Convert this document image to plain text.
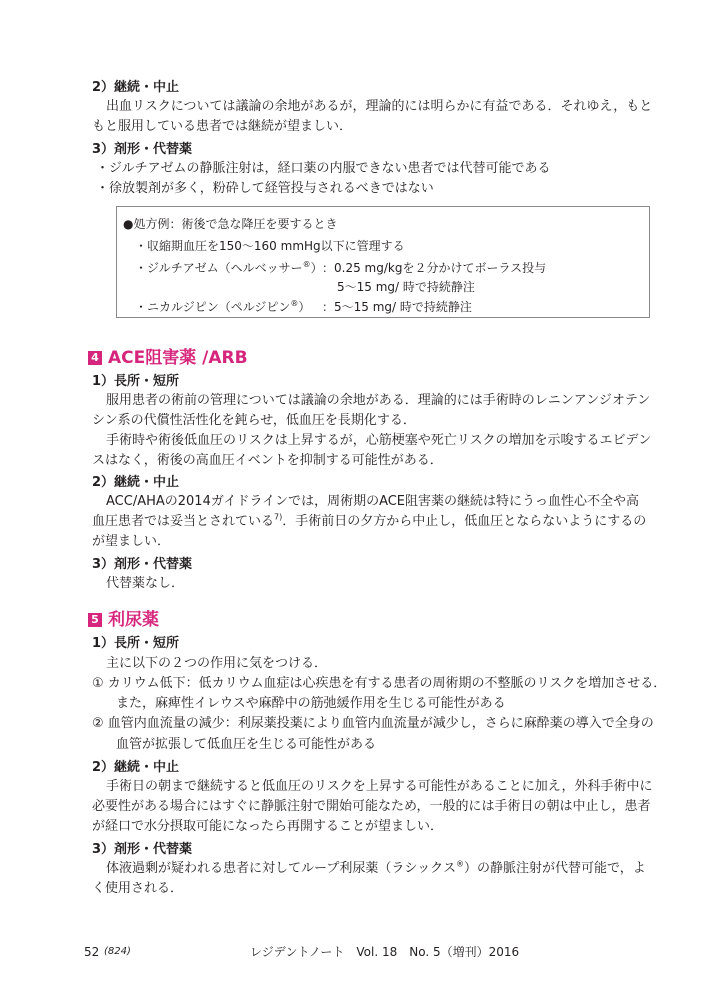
2）継続・中止
出血リスクについては議論の余地があるが，理論的には明らかに有益である．それゆえ，もと
もと服用している患者では継続が望ましい．
3）剤形・代替薬
・ジルチアゼムの静脈注射は，経口薬の内服できない患者では代替可能である
・徐放製剤が多く，粉砕して経管投与されるべきではない
●処方例：術後で急な降圧を要するとき
・収縮期血圧を150～160 mmHg以下に管理する
・ジルチアゼム（ヘルベッサー®） ：0.25 mg/kgを２分かけてボーラス投与
5～15 mg/ 時で持続静注
・ニカルジピン（ペルジピン®） ：5～15 mg/ 時で持続静注
4 ACE阻害薬 /ARB
1）長所・短所
服用患者の術前の管理については議論の余地がある．理論的には手術時のレニンアンジオテン
シン系の代償性活性化を鈍らせ，低血圧を長期化する．
手術時や術後低血圧のリスクは上昇するが，心筋梗塞や死亡リスクの増加を示唆するエビデン
スはなく，術後の高血圧イベントを抑制する可能性がある．
2）継続・中止
ACC/AHAの2014ガイドラインでは，周術期のACE阻害薬の継続は特にうっ血性心不全や高
血圧患者では妥当とされている$^{7)}$．手術前日の夕方から中止し，低血圧とならないようにするの
が望ましい．
3）剤形・代替薬
代替薬なし．
5 利尿薬
1）長所・短所
主に以下の２つの作用に気をつける．
① カリウム低下：低カリウム血症は心疾患を有する患者の周術期の不整脈のリスクを増加させる．
また，麻痺性イレウスや麻酔中の筋弛緩作用を生じる可能性がある
② 血管内血流量の減少：利尿薬投薬により血管内血流量が減少し，さらに麻酔薬の導入で全身の
血管が拡張して低血圧を生じる可能性がある
2）継続・中止
手術日の朝まで継続すると低血圧のリスクを上昇する可能性があることに加え，外科手術中に
必要性がある場合にはすぐに静脈注射で開始可能なため，一般的には手術日の朝は中止し，患者
が経口で水分摂取可能になったら再開することが望ましい．
3）剤形・代替薬
体液過剰が疑われる患者に対してループ利尿薬（ラシックス®）の静脈注射が代替可能で，よ
く使用される．
52 (824)	レジデントノート　Vol. 18　No. 5（増刊）2016
